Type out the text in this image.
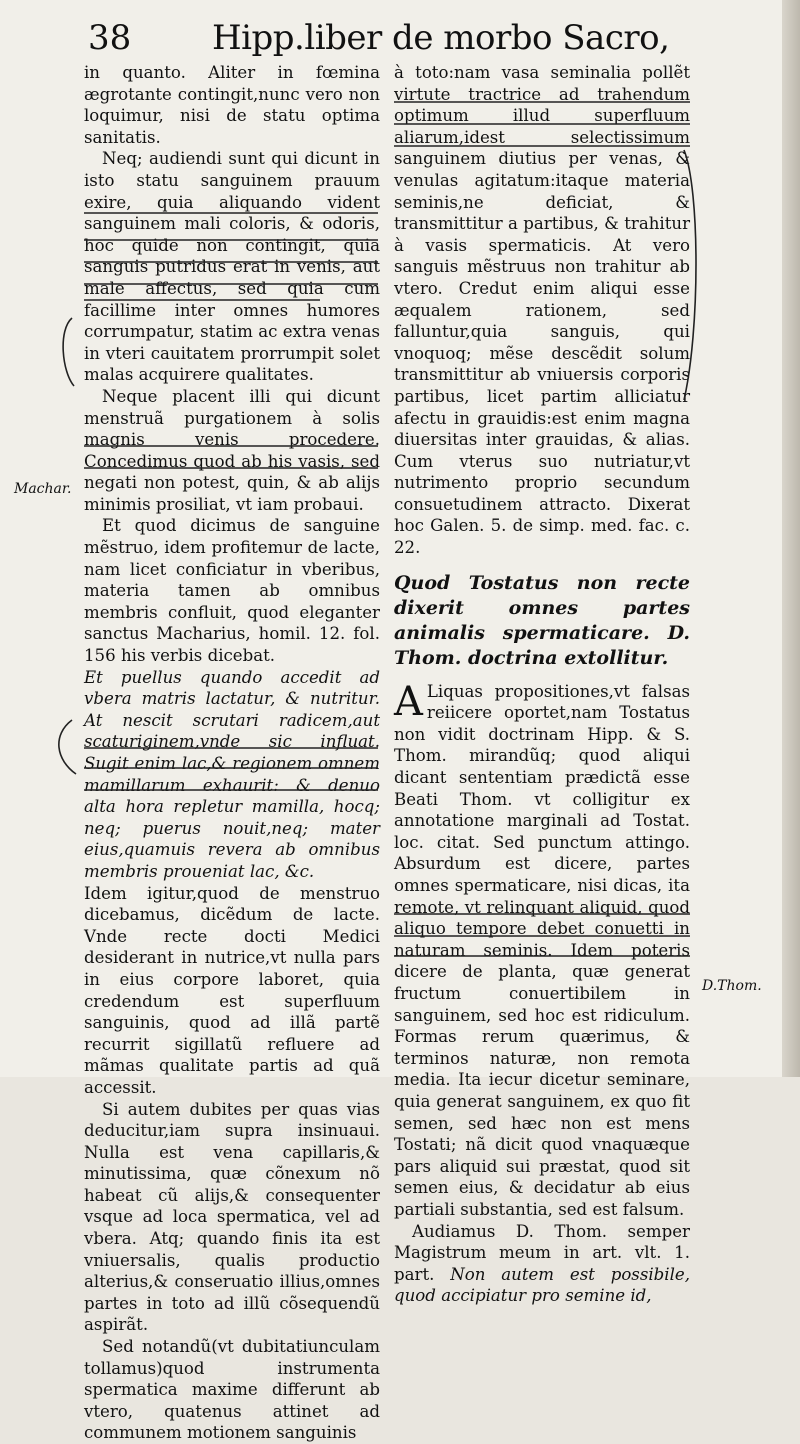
38 Hipp.liber de morbo Sacro,

in quanto. Aliter in fœmina ægrotante contingit,nunc vero non loquimur, nisi de statu optima sanitatis.

Neq; audiendi sunt qui dicunt in isto statu sanguinem prauum exire, quia aliquando vident sanguinem mali coloris, & odoris, hoc quide non contingit, quia sanguis putridus erat in venis, aut male affectus, sed quia cum facillime inter omnes humores corrumpatur, statim ac extra venas in vteri cauitatem prorrumpit solet malas acquirere qualitates.

Neque placent illi qui dicunt menstruã purgationem à solis magnis venis procedere. Concedimus quod ab his vasis, sed negati non potest, quin, & ab alijs minimis prosiliat, vt iam probaui.

Et quod dicimus de sanguine mẽstruo, idem profitemur de lacte, nam licet conficiatur in vberibus, materia tamen ab omnibus membris confluit, quod eleganter sanctus Macharius, homil. 12. fol. 156 his verbis dicebat.

Et puellus quando accedit ad vbera matris lactatur, & nutritur. At nescit scrutari radicem,aut scaturiginem,vnde sic influat. Sugit enim lac,& regionem omnem mamillarum exhaurit: & denuo alta hora repletur mamilla, hocq; neq; puerus nouit,neq; mater eius,quamuis revera ab omnibus membris proueniat lac, &c.

Idem igitur,quod de menstruo dicebamus, dicẽdum de lacte. Vnde recte docti Medici desiderant in nutrice,vt nulla pars in eius corpore laboret, quia credendum est superfluum sanguinis, quod ad illã partẽ recurrit sigillatũ refluere ad mãmas qualitate partis ad quã accessit.

Si autem dubites per quas vias deducitur,iam supra insinuaui. Nulla est vena capillaris,& minutissima, quæ cõnexum nõ habeat cũ alijs,& consequenter vsque ad loca spermatica, vel ad vbera. Atq; quando finis ita est vniuersalis, qualis productio alterius,& conseruatio illius,omnes partes in toto ad illũ cõsequendũ aspirãt.

Sed notandũ(vt dubitatiunculam tollamus)quod instrumenta spermatica maxime differunt ab vtero, quatenus attinet ad communem motionem sanguinis

à toto:nam vasa seminalia pollẽt virtute tractrice ad trahendum optimum illud superfluum aliarum,idest selectissimum sanguinem diutius per venas, & venulas agitatum:itaque materia seminis,ne deficiat, & transmittitur a partibus, & trahitur à vasis spermaticis. At vero sanguis mẽstruus non trahitur ab vtero. Credut enim aliqui esse æqualem rationem, sed falluntur,quia sanguis, qui vnoquoq; mẽse descẽdit solum transmittitur ab vniuersis corporis partibus, licet partim alliciatur afectu in grauidis:est enim magna diuersitas inter grauidas, & alias. Cum vterus suo nutriatur,vt nutrimento proprio secundum consuetudinem attracto. Dixerat hoc Galen. 5. de simp. med. fac. c. 22.

Quod Tostatus non recte dixerit omnes partes animalis spermaticare. D. Thom. doctrina extollitur.

A Liquas propositiones,vt falsas reiicere oportet,nam Tostatus non vidit doctrinam Hipp. & S. Thom. mirandũq; quod aliqui dicant sententiam prædictã esse Beati Thom. vt colligitur ex annotatione marginali ad Tostat. loc. citat. Sed punctum attingo. Absurdum est dicere, partes omnes spermaticare, nisi dicas, ita remote, vt relinquant aliquid, quod aliquo tempore debet conuetti in naturam seminis. Idem poteris dicere de planta, quæ generat fructum conuertibilem in sanguinem, sed hoc est ridiculum. Formas rerum quærimus, & terminos naturæ, non remota media. Ita iecur dicetur seminare, quia generat sanguinem, ex quo fit semen, sed hæc non est mens Tostati; nã dicit quod vnaquæque pars aliquid sui præstat, quod sit semen eius, & decidatur ab eius partiali substantia, sed est falsum.

Audiamus D. Thom. semper Magistrum meum in art. vlt. 1. part. Non autem est possibile, quod accipiatur pro semine id,

Machar.
D.Thom.
